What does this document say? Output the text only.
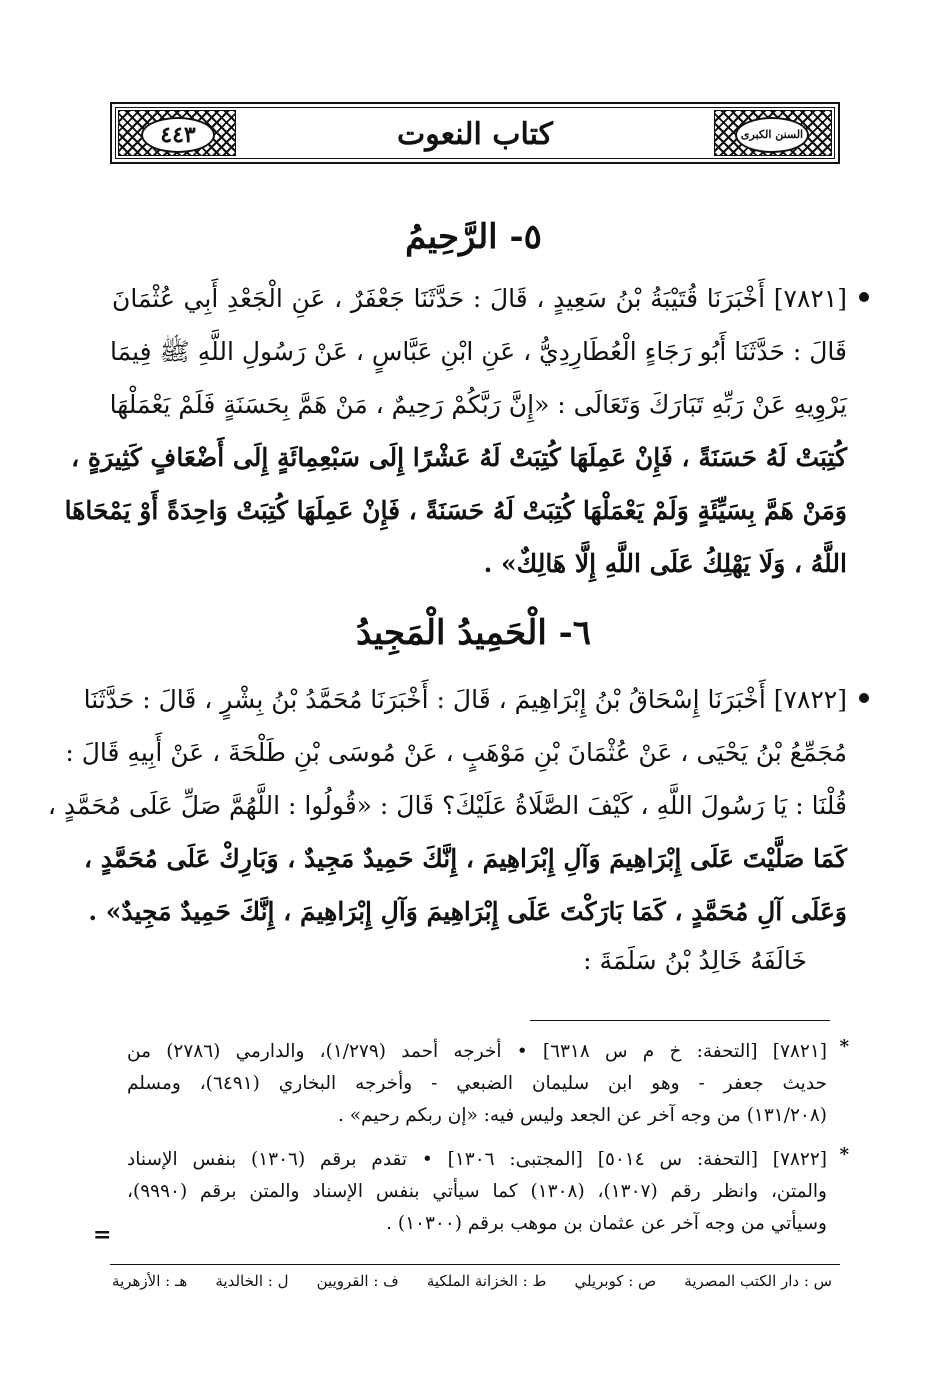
٤٤٣	كتاب النعوت	السنن الكبرى
٥- الرَّحِيمُ
[٧٨٢١] أَخْبَرَنَا قُتَيْبَةُ بْنُ سَعِيدٍ ، قَالَ : حَدَّثَنَا جَعْفَرٌ ، عَنِ الْجَعْدِ أَبِي عُثْمَانَ
قَالَ : حَدَّثَنَا أَبُو رَجَاءٍ الْعُطَارِدِيُّ ، عَنِ ابْنِ عَبَّاسٍ ، عَنْ رَسُولِ اللَّهِ ﷺ فِيمَا
يَرْوِيهِ عَنْ رَبِّهِ تَبَارَكَ وَتَعَالَى : «إِنَّ رَبَّكُمْ رَحِيمٌ ، مَنْ هَمَّ بِحَسَنَةٍ فَلَمْ يَعْمَلْهَا
كُتِبَتْ لَهُ حَسَنَةً ، فَإِنْ عَمِلَهَا كُتِبَتْ لَهُ عَشْرًا إِلَى سَبْعِمِائَةٍ إِلَى أَضْعَافٍ كَثِيرَةٍ ،
وَمَنْ هَمَّ بِسَيِّئَةٍ وَلَمْ يَعْمَلْهَا كُتِبَتْ لَهُ حَسَنَةً ، فَإِنْ عَمِلَهَا كُتِبَتْ وَاحِدَةً أَوْ يَمْحَاهَا
اللَّهُ ، وَلَا يَهْلِكُ عَلَى اللَّهِ إِلَّا هَالِكٌ» .
٦- الْحَمِيدُ الْمَجِيدُ
[٧٨٢٢] أَخْبَرَنَا إِسْحَاقُ بْنُ إِبْرَاهِيمَ ، قَالَ : أَخْبَرَنَا مُحَمَّدُ بْنُ بِشْرٍ ، قَالَ : حَدَّثَنَا
مُجَمِّعُ بْنُ يَحْيَى ، عَنْ عُثْمَانَ بْنِ مَوْهَبٍ ، عَنْ مُوسَى بْنِ طَلْحَةَ ، عَنْ أَبِيهِ قَالَ :
قُلْنَا : يَا رَسُولَ اللَّهِ ، كَيْفَ الصَّلَاةُ عَلَيْكَ؟ قَالَ : «قُولُوا : اللَّهُمَّ صَلِّ عَلَى مُحَمَّدٍ ،
كَمَا صَلَّيْتَ عَلَى إِبْرَاهِيمَ وَآلِ إِبْرَاهِيمَ ، إِنَّكَ حَمِيدٌ مَجِيدٌ ، وَبَارِكْ عَلَى مُحَمَّدٍ ،
وَعَلَى آلِ مُحَمَّدٍ ، كَمَا بَارَكْتَ عَلَى إِبْرَاهِيمَ وَآلِ إِبْرَاهِيمَ ، إِنَّكَ حَمِيدٌ مَجِيدٌ» .
خَالَفَهُ خَالِدُ بْنُ سَلَمَةَ :
*
[٧٨٢١] [التحفة: خ م س ٦٣١٨] • أخرجه أحمد (١/٢٧٩)، والدارمي (٢٧٨٦) من
حديث جعفر - وهو ابن سليمان الضبعي - وأخرجه البخاري (٦٤٩١)، ومسلم
(١٣١/٢٠٨) من وجه آخر عن الجعد وليس فيه: «إن ربكم رحيم» .
*
[٧٨٢٢] [التحفة: س ٥٠١٤] [المجتبى: ١٣٠٦] • تقدم برقم (١٣٠٦) بنفس الإسناد
والمتن، وانظر رقم (١٣٠٧)، (١٣٠٨) كما سيأتي بنفس الإسناد والمتن برقم (٩٩٩٠)،
وسيأتي من وجه آخر عن عثمان بن موهب برقم (١٠٣٠٠) .
=
س : دار الكتب المصرية
ص : كوبريلي
ط : الخزانة الملكية
ف : القرويين
ل : الخالدية
هـ : الأزهرية
